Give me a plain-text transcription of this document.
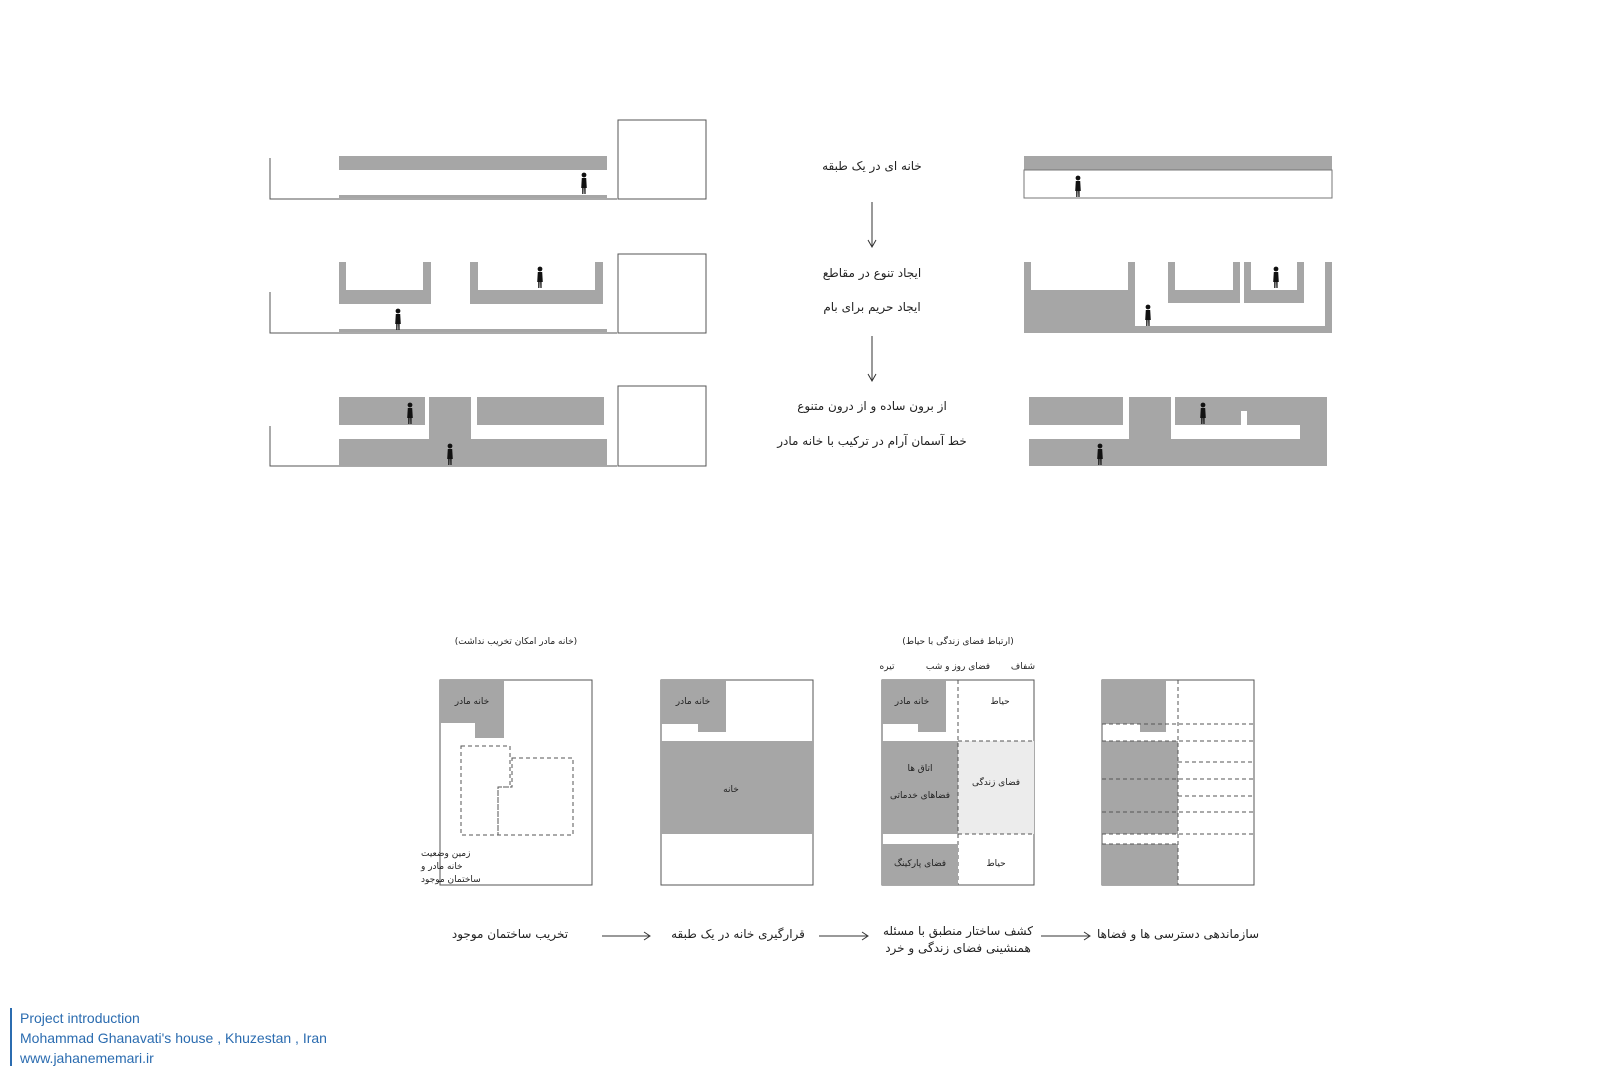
خانه ای در یک طبقه
ایجاد تنوع در مقاطع
ایجاد حریم برای بام
از برون ساده و از درون متنوع
خط آسمان آرام در ترکیب با خانه مادر
(خانه مادر امکان تخریب نداشت)
خانه مادر
زمین وضعیت
خانه مادر و
ساختمان موجود
تخریب ساختمان موجود
خانه مادر
خانه
قرارگیری خانه در یک طبقه
(ارتباط فضای زندگی با حیاط)
تیره	فضای روز و شب شفاف
خانه مادر	حیاط
اتاق ها
فضاهای خدماتی
فضای زندگی
فضای پارکینگ	حیاط
کشف ساختار منطبق با مسئله
همنشینی فضای زندگی و خرد
سازماندهی دسترسی ها و فضاها
Project introduction
Mohammad Ghanavati's house , Khuzestan , Iran
www.jahanememari.ir
